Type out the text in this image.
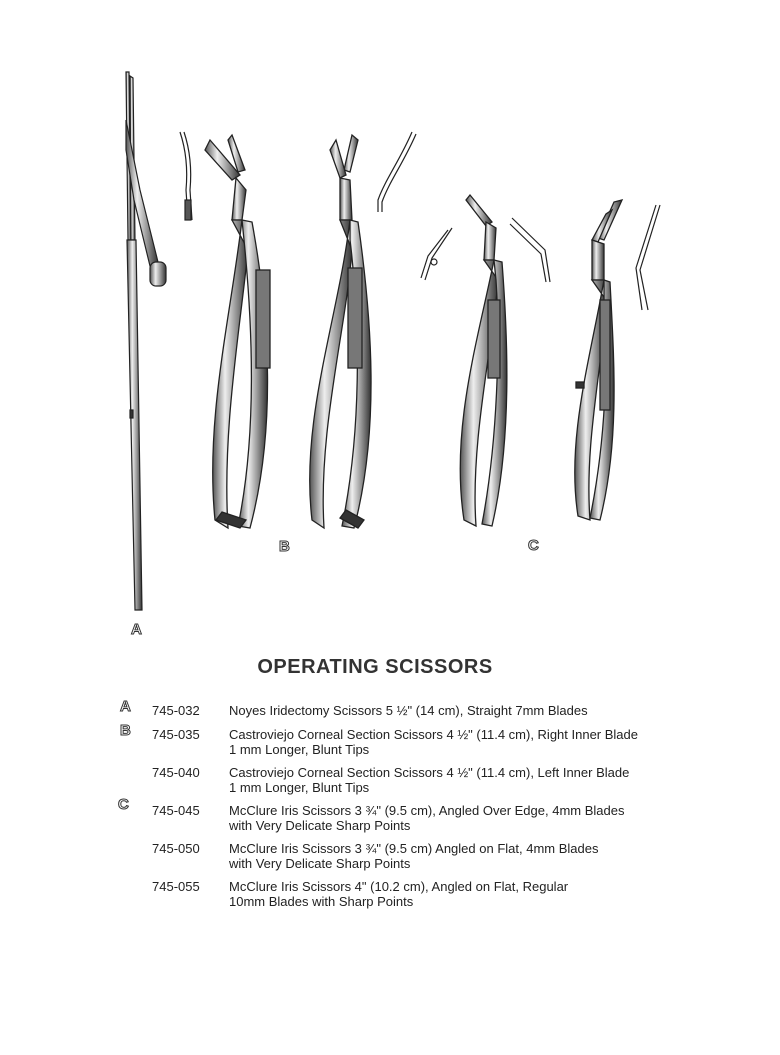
A
B	C
OPERATING SCISSORS
A 745-032 Noyes Iridectomy Scissors 5 ½" (14 cm), Straight 7mm Blades
B 745-035 Castroviejo Corneal Section Scissors 4 ½" (11.4 cm), Right Inner Blade
1 mm Longer, Blunt Tips
745-040 Castroviejo Corneal Section Scissors 4 ½" (11.4 cm), Left Inner Blade
1 mm Longer, Blunt Tips
C 745-045 McClure Iris Scissors 3 ¾" (9.5 cm), Angled Over Edge, 4mm Blades
with Very Delicate Sharp Points
745-050 McClure Iris Scissors 3 ¾" (9.5 cm) Angled on Flat, 4mm Blades
with Very Delicate Sharp Points
745-055 McClure Iris Scissors 4" (10.2 cm), Angled on Flat, Regular
10mm Blades with Sharp Points
